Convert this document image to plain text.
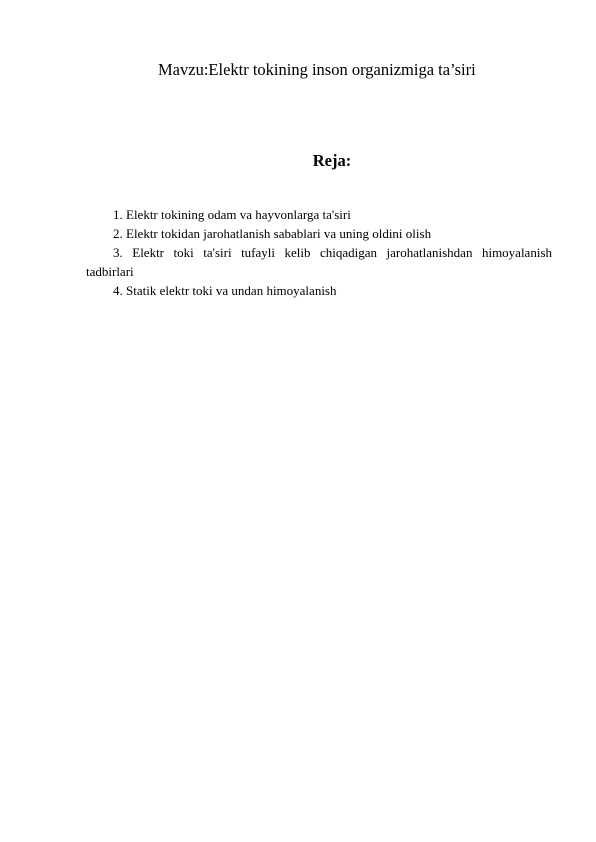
Mavzu:Elektr tokining inson organizmiga ta’siri
Reja:
1. Elektr tokining odam va hayvonlarga ta'siri
2. Elektr tokidan jarohatlanish sabablari va uning oldini olish
3. Elektr toki ta'siri tufayli kelib chiqadigan jarohatlanishdan himoyalanish tadbirlari
4. Statik elektr toki va undan himoyalanish
